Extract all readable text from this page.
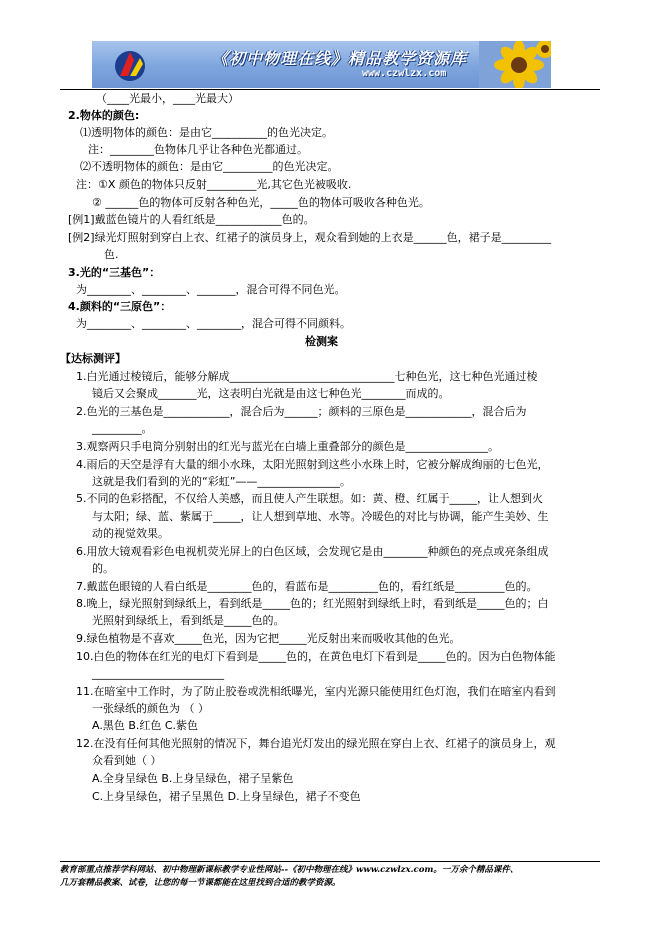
《初中物理在线》精品教学资源库
www.czwlzx.com
（____光最小，____光最大）
2.物体的颜色:
⑴透明物体的颜色：是由它__________的色光决定。
注：________色物体几乎让各种色光都通过。
⑵不透明物体的颜色：是由它_________的色光决定。
注：①X 颜色的物体只反射_________光,其它色光被吸收.
② ______色的物体可反射各种色光，_____色的物体可吸收各种色光。
[例1]戴蓝色镜片的人看红纸是____________色的。
[例2]绿光灯照射到穿白上衣、红裙子的演员身上，观众看到她的上衣是______色，裙子是_________
色.
3.光的“三基色”：
为________、________、_______，混合可得不同色光。
4.颜料的“三原色”：
为________、________、________，混合可得不同颜料。
检测案
【达标测评】
1.白光通过棱镜后，能够分解成______________________________七种色光，这七种色光通过棱
镜后又会聚成_______光，这表明白光就是由这七种色光________而成的。
2.色光的三基色是____________，混合后为______；颜料的三原色是____________，混合后为
_________。
3.观察两只手电筒分别射出的红光与蓝光在白墙上重叠部分的颜色是_______________。
4.雨后的天空是浮有大量的细小水珠，太阳光照射到这些小水珠上时，它被分解成绚丽的七色光，
这就是我们看到的光的“彩虹”——_______________。
5.不同的色彩搭配，不仅给人美感，而且使人产生联想。如：黄、橙、红属于_____，让人想到火
与太阳；绿、蓝、紫属于_____，让人想到草地、水等。冷暖色的对比与协调，能产生美妙、生
动的视觉效果。
6.用放大镜观看彩色电视机荧光屏上的白色区域，会发现它是由________种颜色的亮点或亮条组成
的。
7.戴蓝色眼镜的人看白纸是________色的，看蓝布是_________色的，看红纸是_________色的。
8.晚上，绿光照射到绿纸上，看到纸是_____色的；红光照射到绿纸上时，看到纸是_____色的；白
光照射到绿纸上，看到纸是_____色的。
9.绿色植物是不喜欢_____色光，因为它把_____光反射出来而吸收其他的色光。
10.白色的物体在红光的电灯下看到是_____色的，在黄色电灯下看到是_____色的。因为白色物体能
________________________
11.在暗室中工作时，为了防止胶卷或洗相纸曝光，室内光源只能使用红色灯泡，我们在暗室内看到
一张绿纸的颜色为 （ ）
A.黑色 B.红色 C.紫色
12.在没有任何其他光照射的情况下，舞台追光灯发出的绿光照在穿白上衣、红裙子的演员身上，观
众看到她（ ）
A.全身呈绿色 B.上身呈绿色，裙子呈紫色
C.上身呈绿色，裙子呈黑色 D.上身呈绿色，裙子不变色
教育部重点推荐学科网站、初中物理新课标教学专业性网站--《初中物理在线》www.czwlzx.com。一万余个精品课件、
几万套精品教案、试卷，让您的每一节课都能在这里找到合适的教学资源。
